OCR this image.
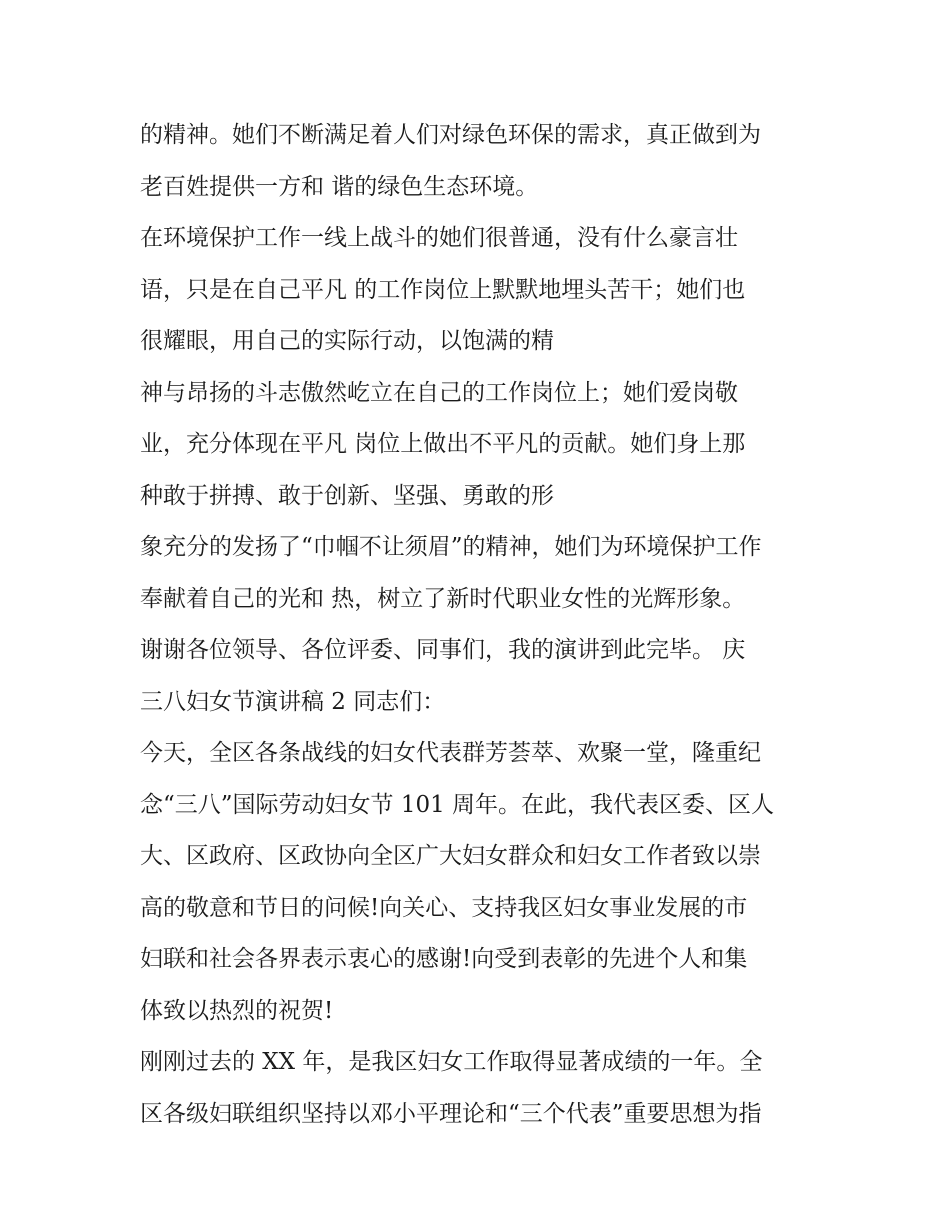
的精神。她们不断满足着人们对绿色环保的需求，真正做到为
老百姓提供一方和 谐的绿色生态环境。
在环境保护工作一线上战斗的她们很普通，没有什么豪言壮
语，只是在自己平凡 的工作岗位上默默地埋头苦干；她们也
很耀眼，用自己的实际行动，以饱满的精
神与昂扬的斗志傲然屹立在自己的工作岗位上；她们爱岗敬
业，充分体现在平凡 岗位上做出不平凡的贡献。她们身上那
种敢于拼搏、敢于创新、坚强、勇敢的形
象充分的发扬了“巾帼不让须眉”的精神，她们为环境保护工作
奉献着自己的光和 热，树立了新时代职业女性的光辉形象。
谢谢各位领导、各位评委、同事们，我的演讲到此完毕。 庆
三八妇女节演讲稿 2 同志们：
今天，全区各条战线的妇女代表群芳荟萃、欢聚一堂，隆重纪
念“三八”国际劳动妇女节 101 周年。在此，我代表区委、区人
大、区政府、区政协向全区广大妇女群众和妇女工作者致以崇
高的敬意和节日的问候!向关心、支持我区妇女事业发展的市
妇联和社会各界表示衷心的感谢!向受到表彰的先进个人和集
体致以热烈的祝贺!
刚刚过去的 XX 年，是我区妇女工作取得显著成绩的一年。全
区各级妇联组织坚持以邓小平理论和“三个代表”重要思想为指
